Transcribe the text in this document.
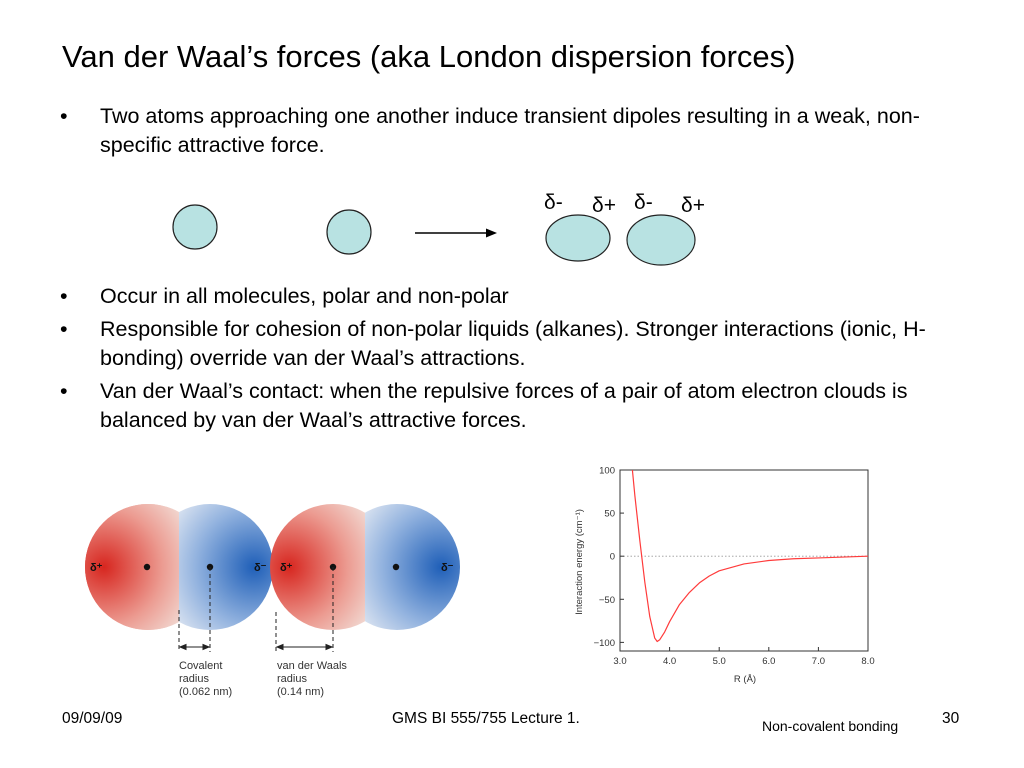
Van der Waal’s forces (aka London dispersion forces)
• Two atoms approaching one another induce transient dipoles resulting in a weak, non-specific attractive force.
δ- δ+ δ- δ+
• Occur in all molecules, polar and non-polar
• Responsible for cohesion of non-polar liquids (alkanes). Stronger interactions (ionic, H-bonding) override van der Waal’s attractions.
• Van der Waal’s contact: when the repulsive forces of a pair of atom electron clouds is balanced by van der Waal’s attractive forces.
δ⁺	δ⁻ δ⁺	δ⁻
Covalent
radius
(0.062 nm)
van der Waals
radius
(0.14 nm)
Interaction energy (cm⁻¹)
R (Å)
3.0	4.0	5.0	6.0	7.0	8.0
100
50
0
−50
−100
09/09/09	GMS BI 555/755 Lecture 1.	Non-covalent bonding	30
